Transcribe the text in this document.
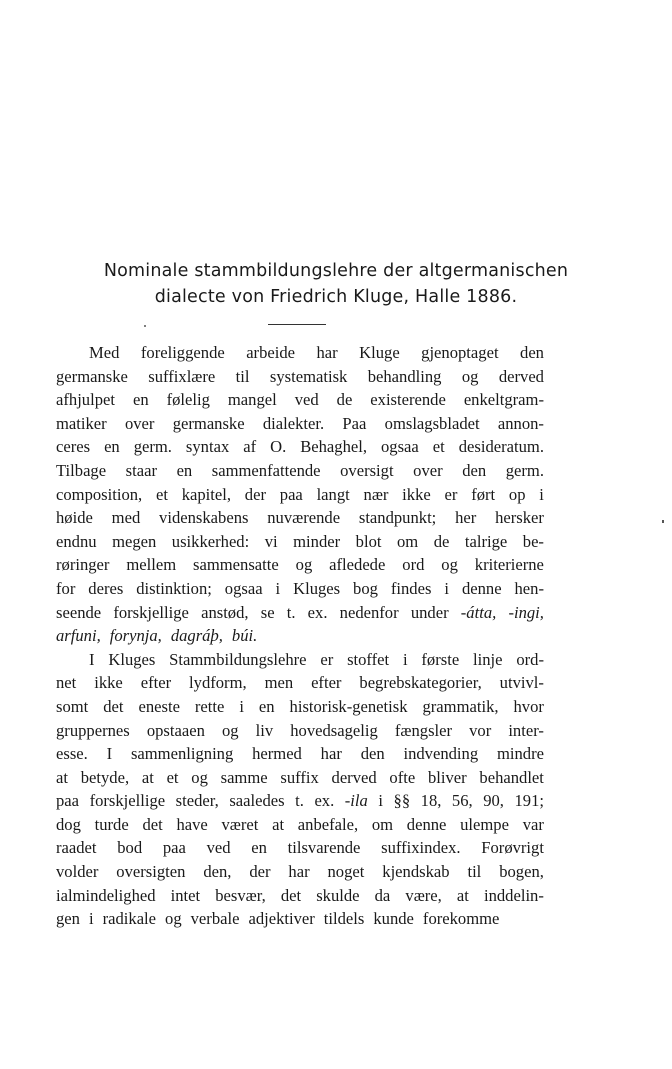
Nominale stammbildungslehre der altgermanischen
dialecte von Friedrich Kluge, Halle 1886.
Med foreliggende arbeide har Kluge gjenoptaget den
germanske suffixlære til systematisk behandling og derved
afhjulpet en følelig mangel ved de existerende enkeltgram-
matiker over germanske dialekter. Paa omslagsbladet annon-
ceres en germ. syntax af O. Behaghel, ogsaa et desideratum.
Tilbage staar en sammenfattende oversigt over den germ.
composition, et kapitel, der paa langt nær ikke er ført op i
høide med videnskabens nuværende standpunkt; her hersker
endnu megen usikkerhed: vi minder blot om de talrige be-
røringer mellem sammensatte og afledede ord og kriterierne
for deres distinktion; ogsaa i Kluges bog findes i denne hen-
seende forskjellige anstød, se t. ex. nedenfor under -átta, -ingi,
arfuni, forynja, dagráþ, búi.
I Kluges Stammbildungslehre er stoffet i første linje ord-
net ikke efter lydform, men efter begrebskategorier, utvivl-
somt det eneste rette i en historisk-genetisk grammatik, hvor
gruppernes opstaaen og liv hovedsagelig fængsler vor inter-
esse. I sammenligning hermed har den indvending mindre
at betyde, at et og samme suffix derved ofte bliver behandlet
paa forskjellige steder, saaledes t. ex. -ila i §§ 18, 56, 90, 191;
dog turde det have været at anbefale, om denne ulempe var
raadet bod paa ved en tilsvarende suffixindex. Forøvrigt
volder oversigten den, der har noget kjendskab til bogen,
ialmindelighed intet besvær, det skulde da være, at inddelin-
gen i radikale og verbale adjektiver tildels kunde forekomme
